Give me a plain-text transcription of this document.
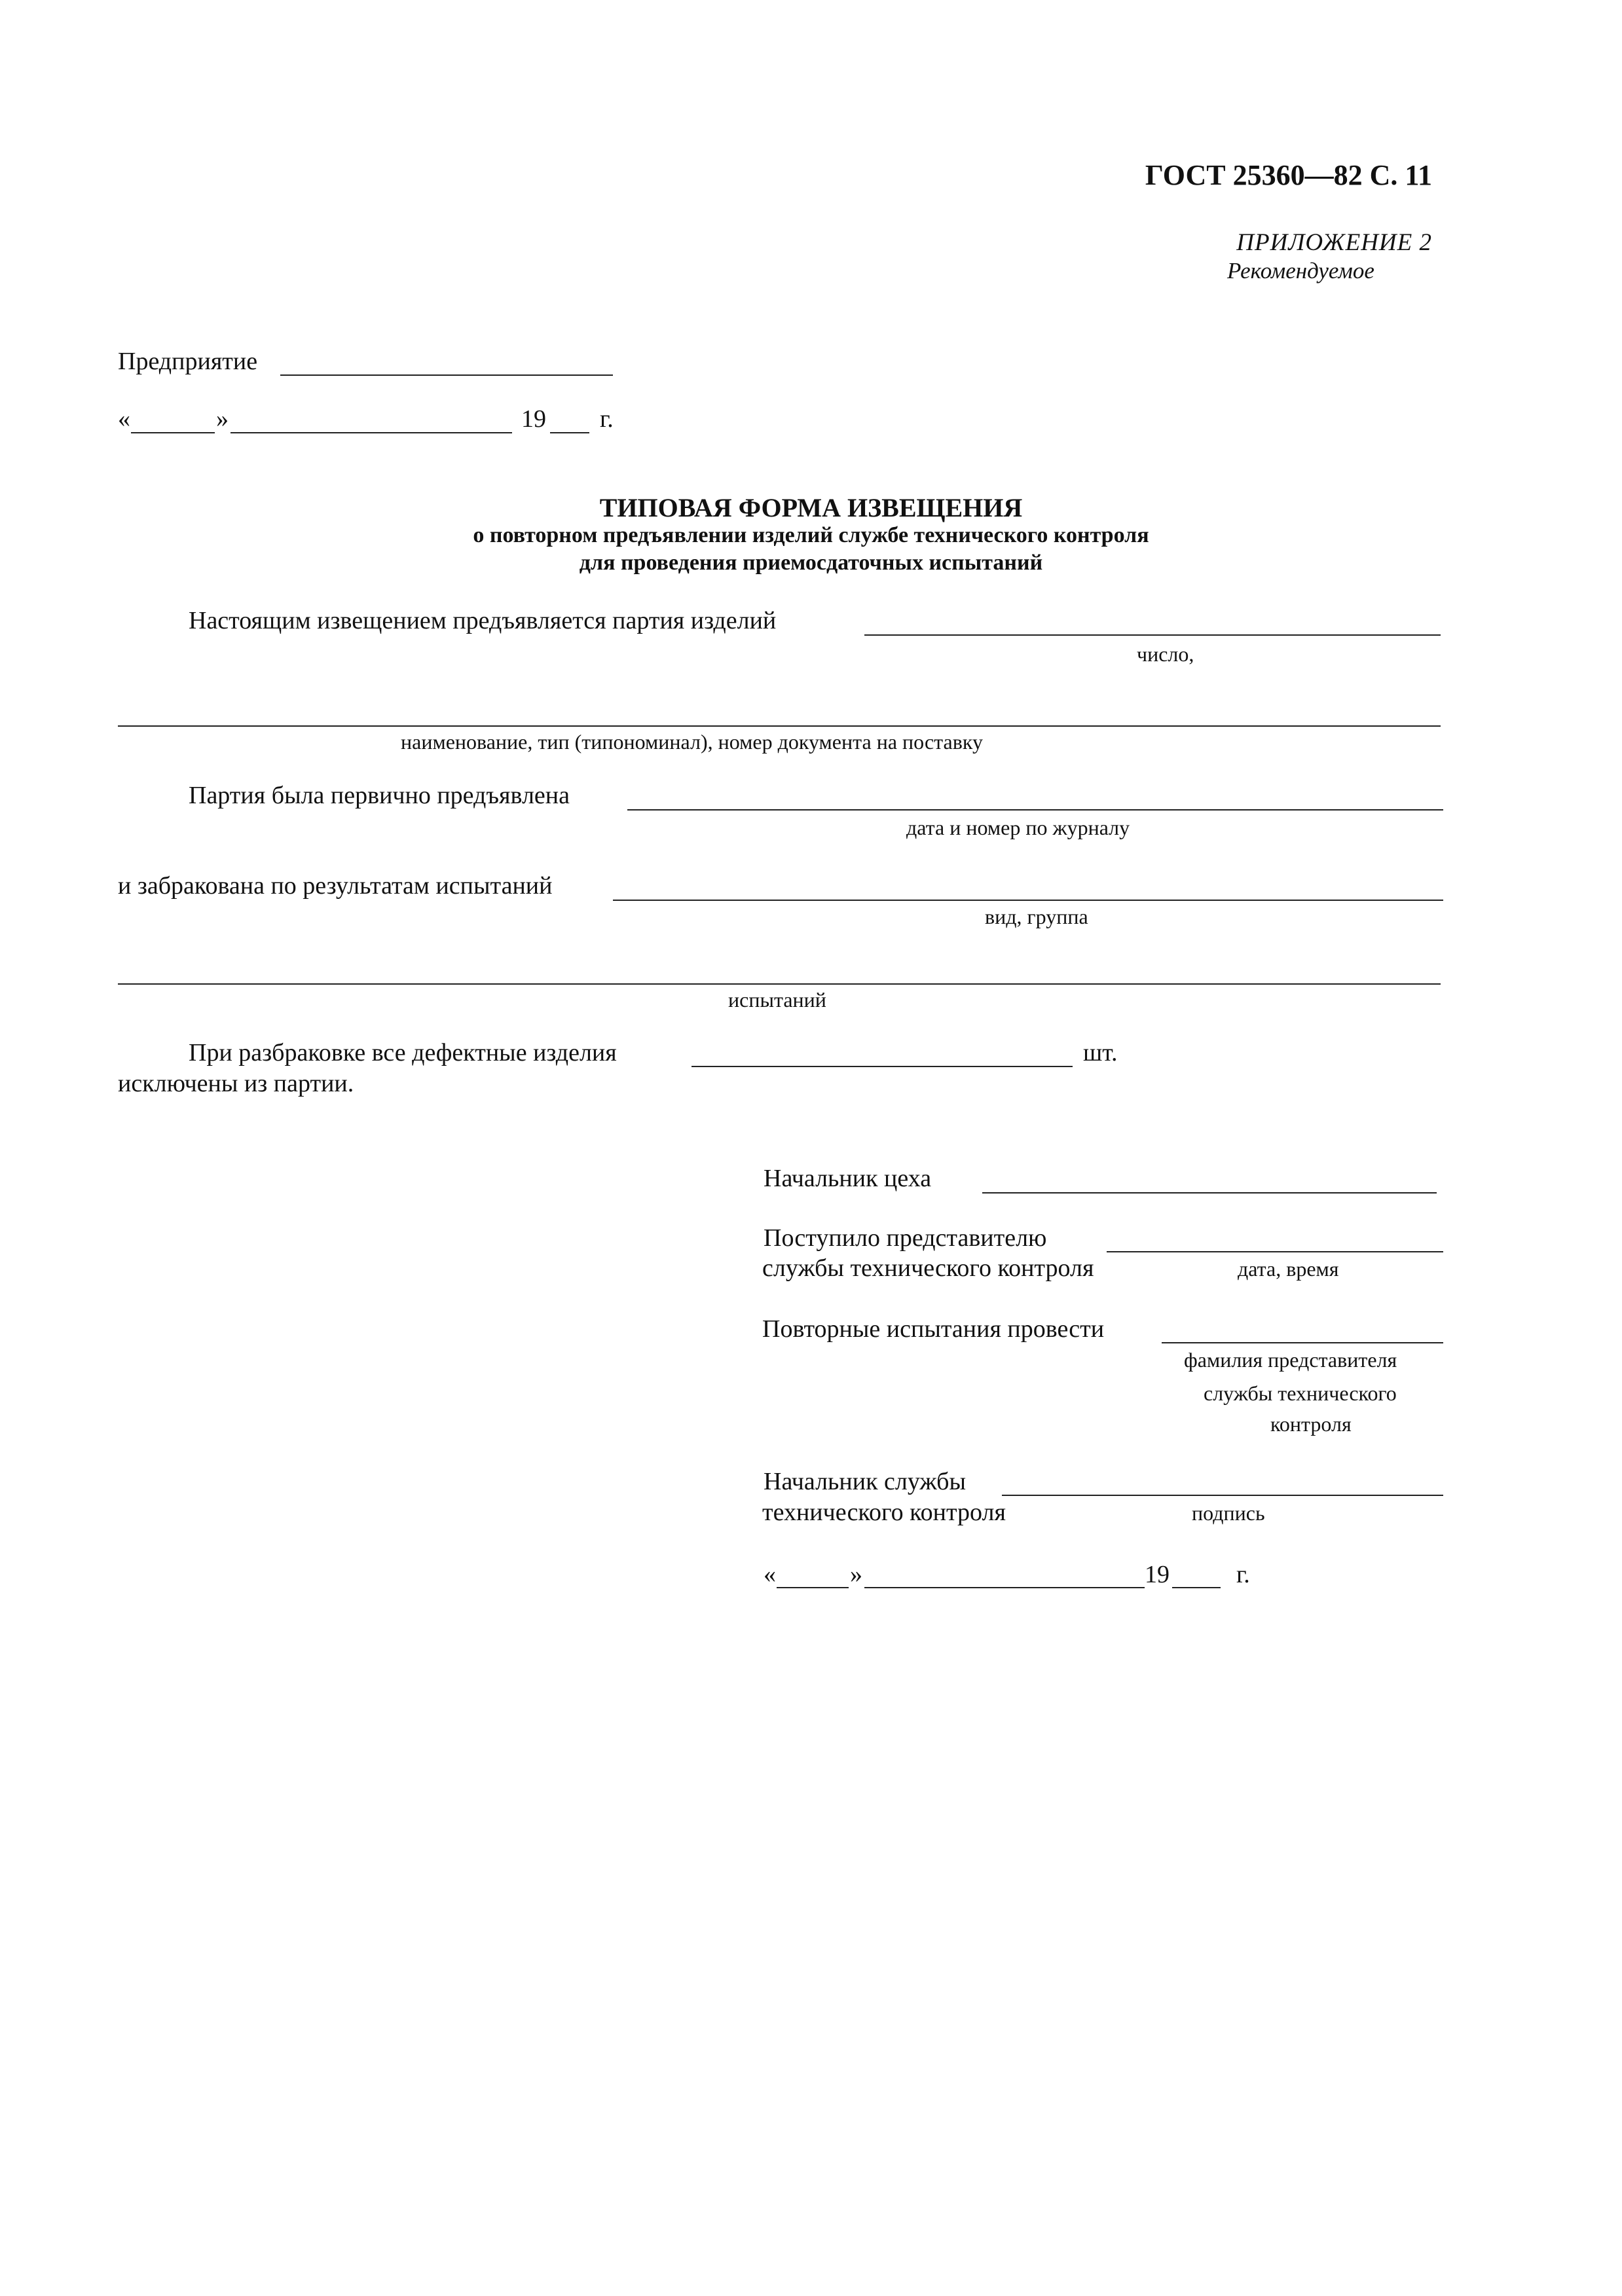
ГОСТ 25360—82 С. 11
ПРИЛОЖЕНИЕ 2
Рекомендуемое
Предприятие
«	»	19 г.
ТИПОВАЯ ФОРМА ИЗВЕЩЕНИЯ
о повторном предъявлении изделий службе технического контроля
для проведения приемосдаточных испытаний
Настоящим извещением предъявляется партия изделий
число,
наименование, тип (типономинал), номер документа на поставку
Партия была первично предъявлена
дата и номер по журналу
и забракована по результатам испытаний
вид, группа
испытаний
При разбраковке все дефектные изделия	шт.
исключены из партии.
Начальник цеха
Поступило представителю
службы технического контроля	дата, время
Повторные испытания провести
фамилия представителя
службы технического
контроля
Начальник службы
технического контроля	подпись
«	»	19	г.
